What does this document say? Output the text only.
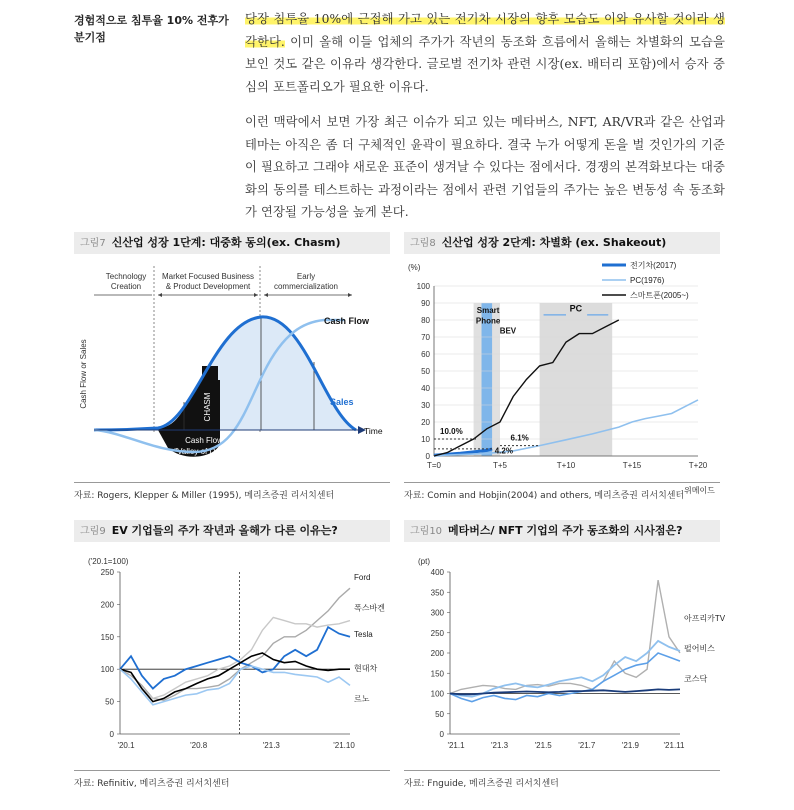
경험적으로 침투율 10% 전후가
분기점

당장 침투율 10%에 근접해 가고 있는 전기차 시장의 향후 모습도 이와 유사할 것이라 생각한다. 이미 올해 이들 업체의 주가가 작년의 동조화 흐름에서 올해는 차별화의 모습을 보인 것도 같은 이유라 생각한다. 글로벌 전기차 관련 시장(ex. 배터리 포함)에서 승자 중심의 포트폴리오가 필요한 이유다.

이런 맥락에서 보면 가장 최근 이슈가 되고 있는 메타버스, NFT, AR/VR과 같은 산업과 테마는 아직은 좀 더 구체적인 윤곽이 필요하다. 결국 누가 어떻게 돈을 벌 것인가의 기준이 필요하고 그래야 새로운 표준이 생겨날 수 있다는 점에서다. 경쟁의 본격화보다는 대중화의 동의를 테스트하는 과정이라는 점에서 관련 기업들의 주가는 높은 변동성 속 동조화가 연장될 가능성을 높게 본다.

그림7 신산업 성장 1단계: 대중화 동의(ex. Chasm)
Technology
Creation
Market Focused Business
& Product Development
Early
commercialization
Cash Flow or Sales	CHASM
Cash Flow
"Valley of Death"
Time
Cash Flow
Sales
자료: Rogers, Klepper & Miller (1995), 메리츠증권 리서치센터
그림8 신산업 성장 2단계: 차별화 (ex. Shakeout)
(%)
0
10
20
30
40
50
60
70
80
90
100
T=0	T+5	T+10	T+15	T+20
Smart
Phone
BEV
PC
10.0%
6.1%
4.2%
전기차(2017)
PC(1976)
스마트폰(2005~)
자료: Comin and Hobjin(2004) and others, 메리츠증권 리서치센터
그림9 EV 기업들의 주가 작년과 올해가 다른 이유는?
('20.1=100)
0
50
100
150
200
250
'20.1	'20.8	'21.3	'21.10
Ford
폭스바겐
Tesla
현대차
르노
자료: Refinitiv, 메리츠증권 리서치센터
그림10 메타버스/ NFT 기업의 주가 동조화의 시사점은?
(pt)
0
50
100
150
200
250
300
350
400
'21.1	'21.3	'21.5	'21.7	'21.9	'21.11
위메이드
아프리카TV
펄어비스
코스닥
자료: Fnguide, 메리츠증권 리서치센터
